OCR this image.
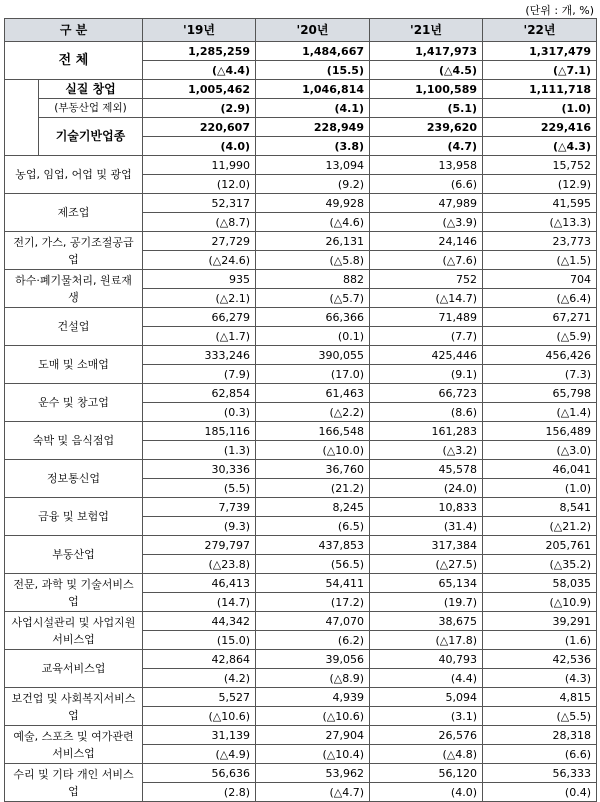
(단위 : 개, %)
구 분		'19년	'20년	'21년	'22년
전 체		1,285,259	1,484,667	1,417,973	1,317,479
		(△4.4)	(15.5)	(△4.5)	(△7.1)
	실질 창업	1,005,462	1,046,814	1,100,589	1,111,718
	(부동산업 제외)	(2.9)	(4.1)	(5.1)	(1.0)
	기술기반업종	220,607	228,949	239,620	229,416
		(4.0)	(3.8)	(4.7)	(△4.3)
농업, 임업, 어업 및 광업		11,990	13,094	13,958	15,752
		(12.0)	(9.2)	(6.6)	(12.9)
제조업		52,317	49,928	47,989	41,595
		(△8.7)	(△4.6)	(△3.9)	(△13.3)
전기, 가스, 공기조절공급업		27,729	26,131	24,146	23,773
		(△24.6)	(△5.8)	(△7.6)	(△1.5)
하수·폐기물처리, 원료재생		935	882	752	704
		(△2.1)	(△5.7)	(△14.7)	(△6.4)
건설업		66,279	66,366	71,489	67,271
		(△1.7)	(0.1)	(7.7)	(△5.9)
도매 및 소매업		333,246	390,055	425,446	456,426
		(7.9)	(17.0)	(9.1)	(7.3)
운수 및 창고업		62,854	61,463	66,723	65,798
		(0.3)	(△2.2)	(8.6)	(△1.4)
숙박 및 음식점업		185,116	166,548	161,283	156,489
		(1.3)	(△10.0)	(△3.2)	(△3.0)
정보통신업		30,336	36,760	45,578	46,041
		(5.5)	(21.2)	(24.0)	(1.0)
금융 및 보험업		7,739	8,245	10,833	8,541
		(9.3)	(6.5)	(31.4)	(△21.2)
부동산업		279,797	437,853	317,384	205,761
		(△23.8)	(56.5)	(△27.5)	(△35.2)
전문, 과학 및 기술서비스업		46,413	54,411	65,134	58,035
		(14.7)	(17.2)	(19.7)	(△10.9)
사업시설관리 및 사업지원서비스업		44,342	47,070	38,675	39,291
		(15.0)	(6.2)	(△17.8)	(1.6)
교육서비스업		42,864	39,056	40,793	42,536
		(4.2)	(△8.9)	(4.4)	(4.3)
보건업 및 사회복지서비스업		5,527	4,939	5,094	4,815
		(△10.6)	(△10.6)	(3.1)	(△5.5)
예술, 스포츠 및 여가관련서비스업		31,139	27,904	26,576	28,318
		(△4.9)	(△10.4)	(△4.8)	(6.6)
수리 및 기타 개인 서비스업		56,636	53,962	56,120	56,333
		(2.8)	(△4.7)	(4.0)	(0.4)
